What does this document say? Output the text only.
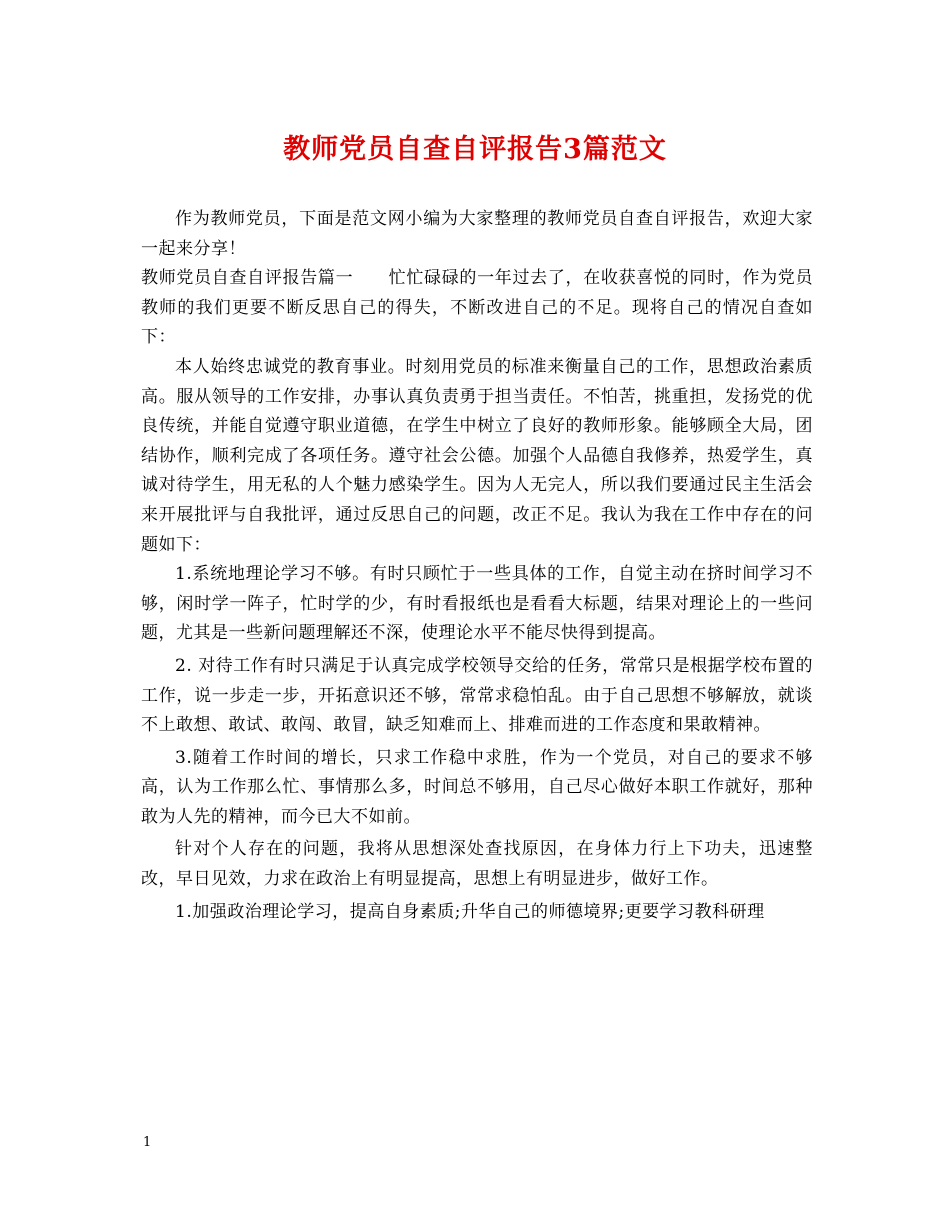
教师党员自查自评报告3篇范文

作为教师党员，下面是范文网小编为大家整理的教师党员自查自评报告，欢迎大家一起来分享！

教师党员自查自评报告篇一　　忙忙碌碌的一年过去了，在收获喜悦的同时，作为党员教师的我们更要不断反思自己的得失，不断改进自己的不足。现将自己的情况自查如下：

本人始终忠诚党的教育事业。时刻用党员的标准来衡量自己的工作，思想政治素质高。服从领导的工作安排，办事认真负责勇于担当责任。不怕苦，挑重担，发扬党的优良传统，并能自觉遵守职业道德，在学生中树立了良好的教师形象。能够顾全大局，团结协作，顺利完成了各项任务。遵守社会公德。加强个人品德自我修养，热爱学生，真诚对待学生，用无私的人个魅力感染学生。因为人无完人，所以我们要通过民主生活会来开展批评与自我批评，通过反思自己的问题，改正不足。我认为我在工作中存在的问题如下：

1.系统地理论学习不够。有时只顾忙于一些具体的工作，自觉主动在挤时间学习不够，闲时学一阵子，忙时学的少，有时看报纸也是看看大标题，结果对理论上的一些问题，尤其是一些新问题理解还不深，使理论水平不能尽快得到提高。

2. 对待工作有时只满足于认真完成学校领导交给的任务，常常只是根据学校布置的工作，说一步走一步，开拓意识还不够，常常求稳怕乱。由于自己思想不够解放，就谈不上敢想、敢试、敢闯、敢冒，缺乏知难而上、排难而进的工作态度和果敢精神。

3.随着工作时间的增长，只求工作稳中求胜，作为一个党员，对自己的要求不够高，认为工作那么忙、事情那么多，时间总不够用，自己尽心做好本职工作就好，那种敢为人先的精神，而今已大不如前。

针对个人存在的问题，我将从思想深处查找原因，在身体力行上下功夫，迅速整改，早日见效，力求在政治上有明显提高，思想上有明显进步，做好工作。

1.加强政治理论学习，提高自身素质;升华自己的师德境界;更要学习教科研理

1
